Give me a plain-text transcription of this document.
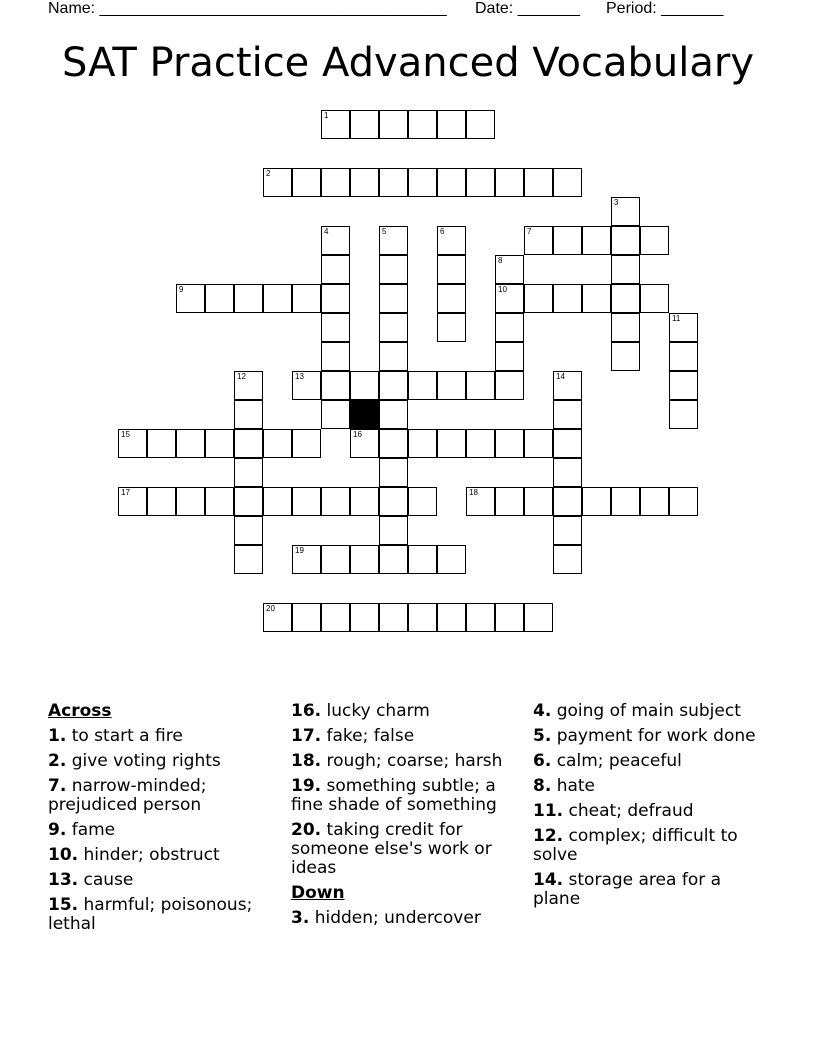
Name: _______________________________________ Date: _______ Period: _______
SAT Practice Advanced Vocabulary
1
2
7
9	10
13
15	16
17	18
19
20
3
4	5	6
8
11
12	14
Across
1. to start a fire
2. give voting rights
7. narrow-minded; prejudiced person
9. fame
10. hinder; obstruct
13. cause
15. harmful; poisonous; lethal
16. lucky charm
17. fake; false
18. rough; coarse; harsh
19. something subtle; a fine shade of something
20. taking credit for someone else's work or ideas
Down
3. hidden; undercover
4. going of main subject
5. payment for work done
6. calm; peaceful
8. hate
11. cheat; defraud
12. complex; difficult to solve
14. storage area for a plane
